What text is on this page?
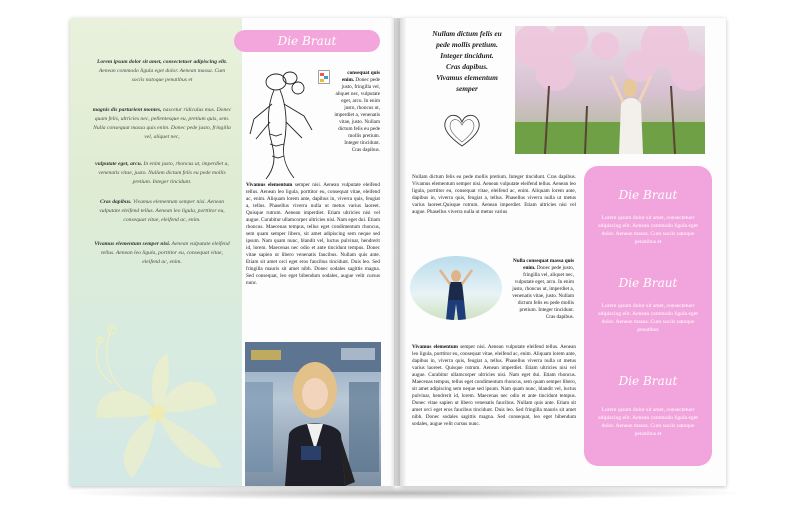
Lorem ipsum dolor sit amet, consectetuer adipiscing elit. Aenean commodo ligula eget dolor. Aenean massa. Cum sociis natoque penatibus et
magnis dis parturient montes, nascetur ridiculus mus. Donec quam felis, ultricies nec, pellentesque eu, pretium quis, sem. Nulla consequat massa quis enim. Donec pede justo, fringilla vel, aliquet nec,
vulputate eget, arcu. In enim justo, rhoncus ut, imperdiet a, venenatis vitae, justo. Nullam dictum felis eu pede mollis pretium. Integer tincidunt.
Cras dapibus. Vivamus elementum semper nisi. Aenean vulputate eleifend tellus. Aenean leo ligula, porttitor eu, consequat vitae, eleifend ac, enim.
Vivamus elementum semper nisi. Aenean vulputate eleifend tellus. Aenean leo ligula, porttitor eu, consequat vitae, eleifend ac, enim.
Die Braut
consequat quis enim. Donec pede justo, fringilla vel, aliquet nec, vulputate eget, arcu. In enim justo, rhoncus ut, imperdiet a, venenatis vitae, justo. Nullam dictum felis eu pede mollis pretium. Integer tincidunt. Cras dapibus.
Vivamus elementum semper nisi. Aenean vulputate eleifend tellus. Aenean leo ligula, porttitor eu, consequat vitae, eleifend ac, enim. Aliquam lorem ante, dapibus in, viverra quis, feugiat a, tellus. Phasellus viverra nulla ut metus varius laoreet. Quisque rutrum. Aenean imperdiet. Etiam ultricies nisi vel augue. Curabitur ullamcorper ultricies nisi. Nam eget dui. Etiam rhoncus. Maecenas tempus, tellus eget condimentum rhoncus, sem quam semper libero, sit amet adipiscing sem neque sed ipsum. Nam quam nunc, blandit vel, luctus pulvinar, hendrerit id, lorem. Maecenas nec odio et ante tincidunt tempus. Donec vitae sapien ut libero venenatis faucibus. Nullam quis ante. Etiam sit amet orci eget eros faucibus tincidunt. Duis leo. Sed fringilla mauris sit amet nibh. Donec sodales sagittis magna. Sed consequat, leo eget bibendum sodales, augue velit cursus nunc.
Nullam dictum felis eu
pede mollis pretium.
Integer tincidunt.
Cras dapibus.
Vivamus elementum
semper
Nullam dictum felis eu pede mollis pretium. Integer tincidunt. Cras dapibus. Vivamus elementum semper nisi. Aenean vulputate eleifend tellus. Aenean leo ligula, porttitor eu, consequat vitae, eleifend ac, enim. Aliquam lorem ante, dapibus in, viverra quis, feugiat a, tellus. Phasellus viverra nulla ut metus varius laoreet.Quisque rutrum. Aenean imperdiet. Etiam ultricies nisi vel augue. Phasellus viverra nulla ut metus varius
Nulla consequat massa quis enim. Donec pede justo, fringilla vel, aliquet nec, vulputate eget, arcu. In enim justo, rhoncus ut, imperdiet a, venenatis vitae, justo. Nullam dictum felis eu pede mollis pretium. Integer tincidunt. Cras dapibus.
Vivamus elementum semper nisi. Aenean vulputate eleifend tellus. Aenean leo ligula, porttitor eu, consequat vitae, eleifend ac, enim. Aliquam lorem ante, dapibus in, viverra quis, feugiat a, tellus. Phasellus viverra nulla ut metus varius laoreet. Quisque rutrum. Aenean imperdiet. Etiam ultricies nisi vel augue. Curabitur ullamcorper ultricies nisi. Nam eget dui. Etiam rhoncus. Maecenas tempus, tellus eget condimentum rhoncus, sem quam semper libero, sit amet adipiscing sem neque sed ipsum. Nam quam nunc, blandit vel, luctus pulvinar, hendrerit id, lorem. Maecenas nec odio et ante tincidunt tempus. Donec vitae sapien ut libero venenatis faucibus. Nullam quis ante. Etiam sit amet orci eget eros faucibus tincidunt. Duis leo. Sed fringilla mauris sit amet nibh. Donec sodales sagittis magna. Sed consequat, leo eget bibendum sodales, augue velit cursus nunc.
Die Braut
Lorem ipsum dolor sit amet, consectetuer adipiscing elit. Aenean commodo ligula eget dolor. Aenean massa. Cum sociis natoque penatibus et
Die Braut
Lorem ipsum dolor sit amet, consectetuer adipiscing elit. Aenean commodo ligula eget dolor. Aenean massa. Cum sociis natoque penatibus
Die Braut
Lorem ipsum dolor sit amet, consectetuer adipiscing elit. Aenean commodo ligula eget dolor. Aenean massa. Cum sociis natoque penatibus et
